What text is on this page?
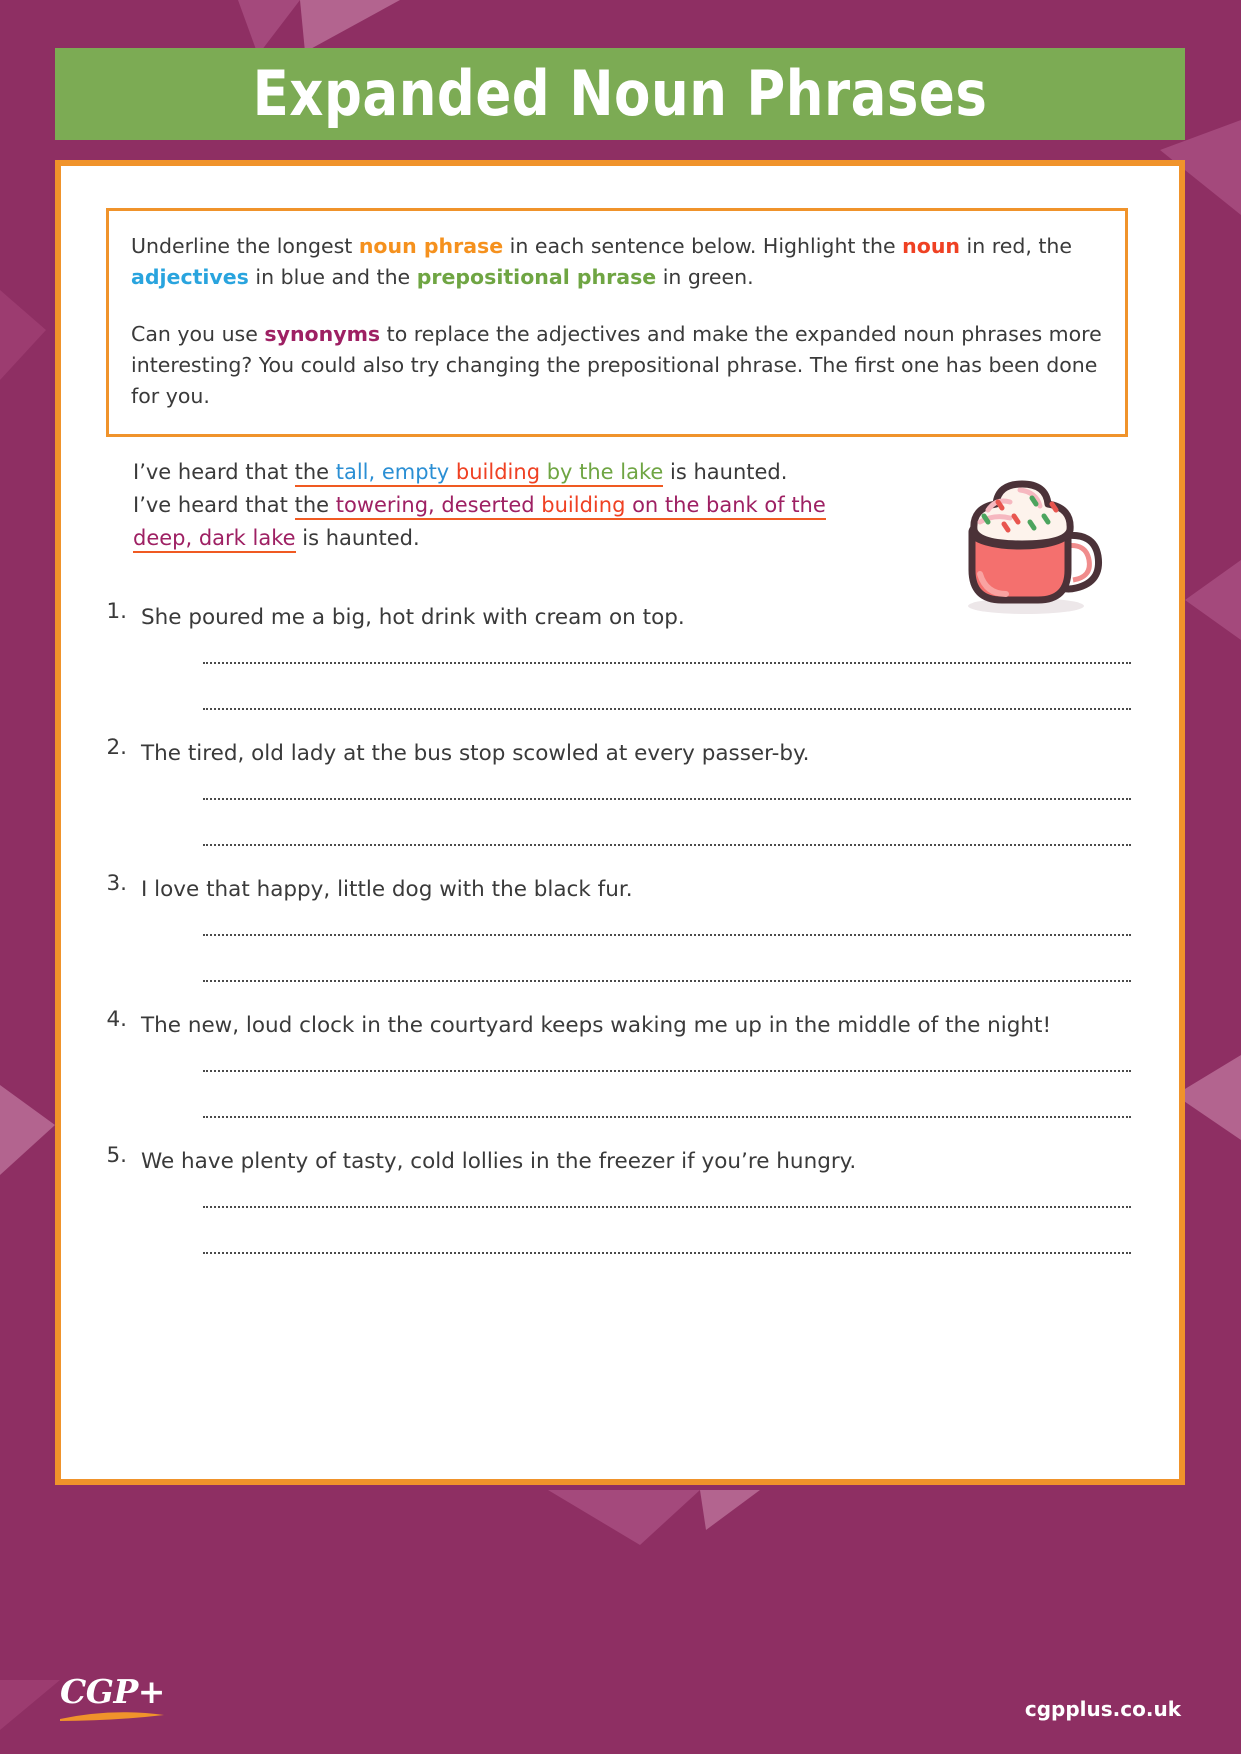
Expanded Noun Phrases

Underline the longest noun phrase in each sentence below. Highlight the noun in red, the adjectives in blue and the prepositional phrase in green.

Can you use synonyms to replace the adjectives and make the expanded noun phrases more interesting? You could also try changing the prepositional phrase. The first one has been done for you.

I’ve heard that the tall, empty building by the lake is haunted.

I’ve heard that the towering, deserted building on the bank of the
deep, dark lake is haunted.

1. She poured me a big, hot drink with cream on top.
2. The tired, old lady at the bus stop scowled at every passer-by.
3. I love that happy, little dog with the black fur.
4. The new, loud clock in the courtyard keeps waking me up in the middle of the night!
5. We have plenty of tasty, cold lollies in the freezer if you’re hungry.
CGP+	cgpplus.co.uk
